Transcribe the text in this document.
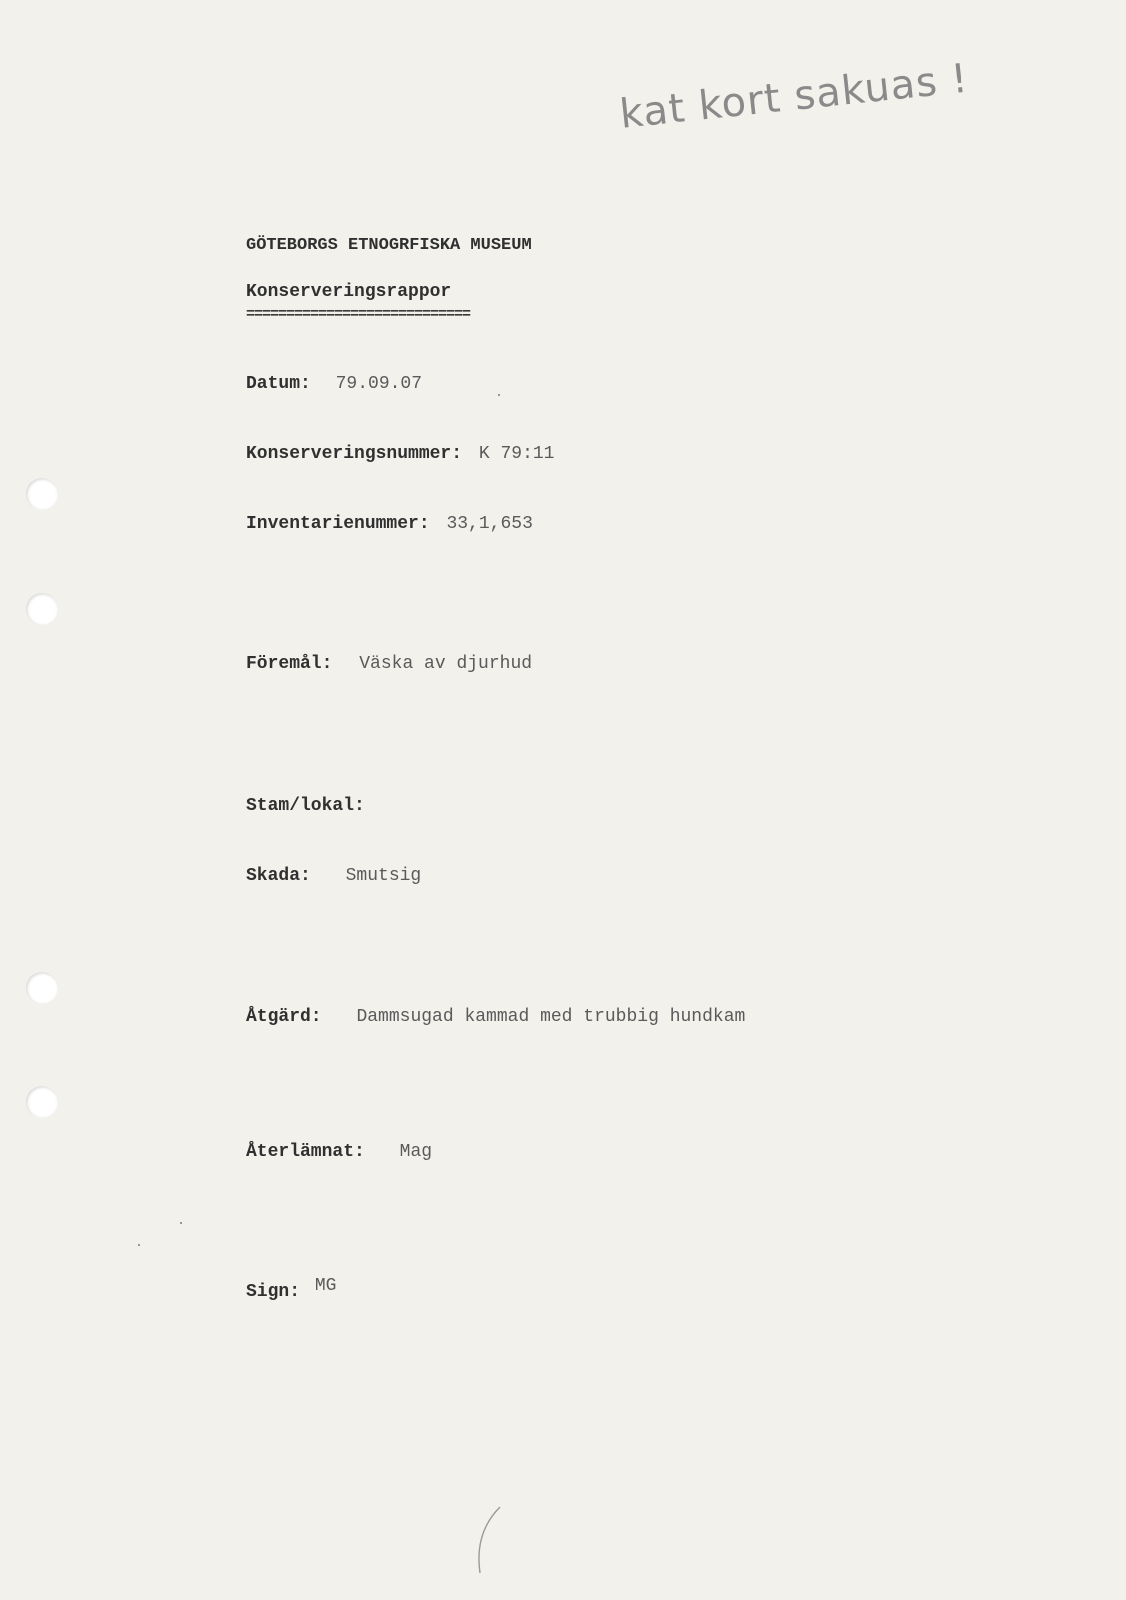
kat kort sakuas !
GÖTEBORGS ETNOGRFISKA MUSEUM
Konserveringsrappor
============================
Datum: 79.09.07
Konserveringsnummer: K 79:11
Inventarienummer: 33,1,653
Föremål: Väska av djurhud
Stam/lokal:
Skada: Smutsig
Åtgärd: Dammsugad kammad med trubbig hundkam
Återlämnat: Mag
Sign: MG
